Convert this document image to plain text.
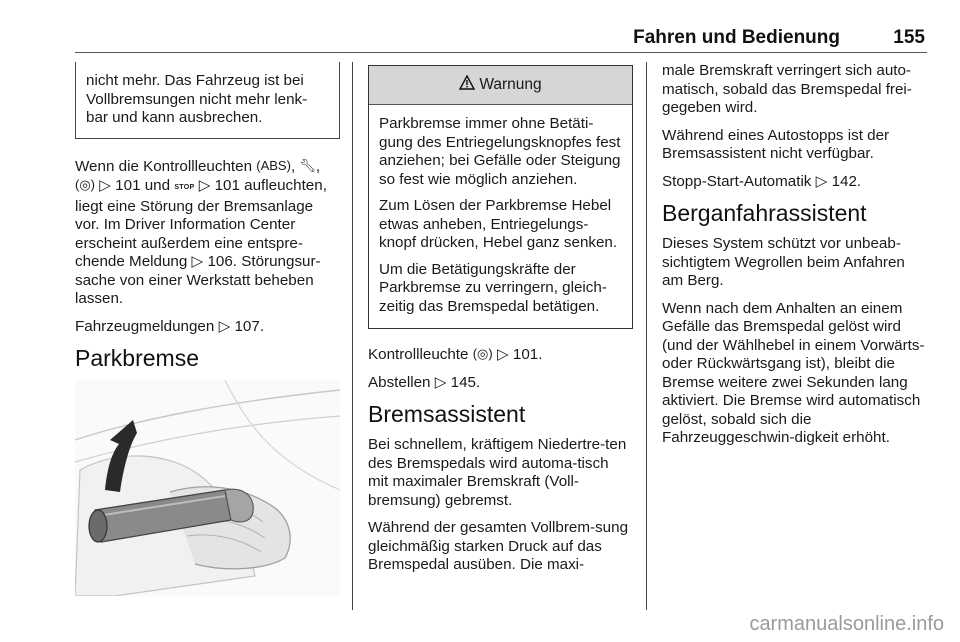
Fahren und Bedienung	155

nicht mehr. Das Fahrzeug ist bei Vollbremsungen nicht mehr lenk-bar und kann ausbrechen.

Wenn die Kontrollleuchten (ABS), 🔧︎, (◎) ▷ 101 und STOP ▷ 101 aufleuchten, liegt eine Störung der Bremsanlage vor. Im Driver Information Center erscheint außerdem eine entspre-chende Meldung ▷ 106. Störungsur-sache von einer Werkstatt beheben lassen.

Fahrzeugmeldungen ▷ 107.

Parkbremse
Warnung

Parkbremse immer ohne Betäti-gung des Entriegelungsknopfes fest anziehen; bei Gefälle oder Steigung so fest wie möglich anziehen.

Zum Lösen der Parkbremse Hebel etwas anheben, Entriegelungs-knopf drücken, Hebel ganz senken.

Um die Betätigungskräfte der Parkbremse zu verringern, gleich-zeitig das Bremspedal betätigen.

Kontrollleuchte (◎) ▷ 101.

Abstellen ▷ 145.

Bremsassistent

Bei schnellem, kräftigem Niedertre-ten des Bremspedals wird automa-tisch mit maximaler Bremskraft (Voll-bremsung) gebremst.

Während der gesamten Vollbrem-sung gleichmäßig starken Druck auf das Bremspedal ausüben. Die maxi-

male Bremskraft verringert sich auto-matisch, sobald das Bremspedal frei-gegeben wird.

Während eines Autostopps ist der Bremsassistent nicht verfügbar.

Stopp-Start-Automatik ▷ 142.

Berganfahrassistent

Dieses System schützt vor unbeab-sichtigtem Wegrollen beim Anfahren am Berg.

Wenn nach dem Anhalten an einem Gefälle das Bremspedal gelöst wird (und der Wählhebel in einem Vorwärts- oder Rückwärtsgang ist), bleibt die Bremse weitere zwei Sekunden lang aktiviert. Die Bremse wird automatisch gelöst, sobald sich die Fahrzeuggeschwin-digkeit erhöht.

carmanualsonline.info
